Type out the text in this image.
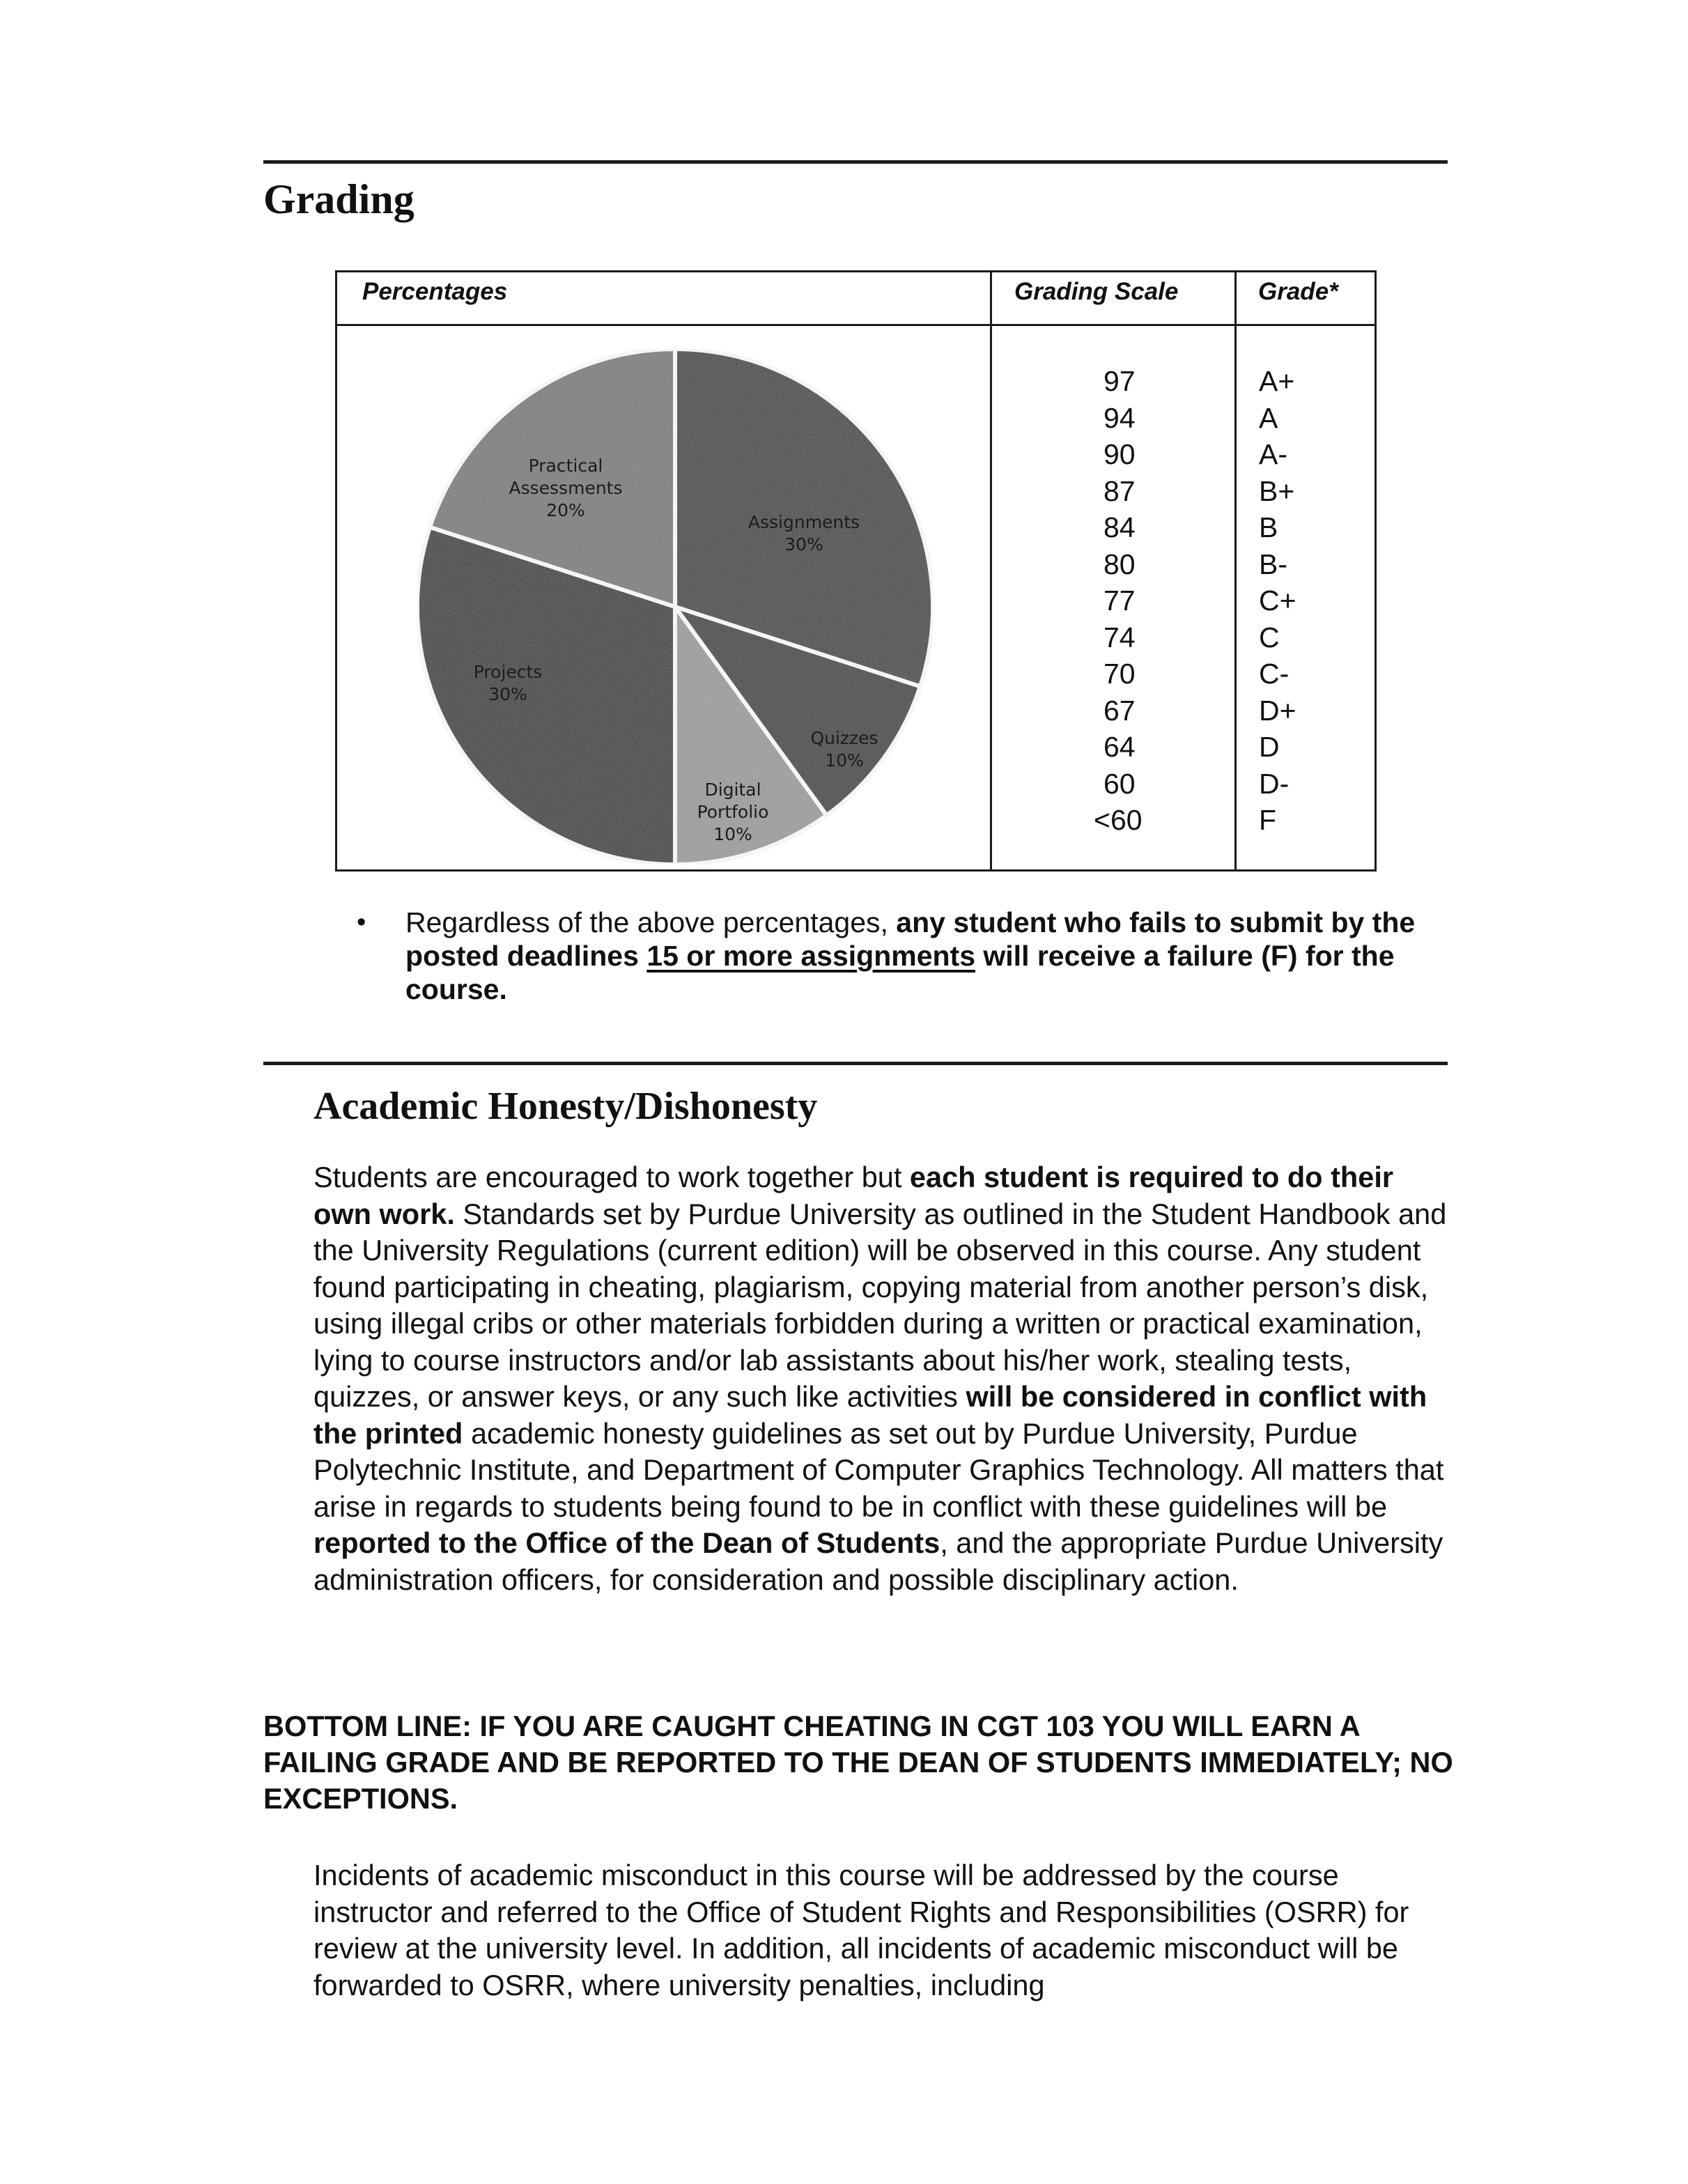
Grading
Percentages	Grading Scale	Grade*
Practical
Assessments
20%
Assignments
30%
Projects
30%
Quizzes
10%
Digital
Portfolio
10%
97
94
90
87
84
80
77
74
70
67
64
60
<60
A+
A
A-
B+
B
B-
C+
C
C-
D+
D
D-
F
• Regardless of the above percentages, any student who fails to submit by the posted deadlines 15 or more assignments will receive a failure (F) for the course.
Academic Honesty/Dishonesty
Students are encouraged to work together but each student is required to do their own work. Standards set by Purdue University as outlined in the Student Handbook and the University Regulations (current edition) will be observed in this course. Any student found participating in cheating, plagiarism, copying material from another person’s disk, using illegal cribs or other materials forbidden during a written or practical examination, lying to course instructors and/or lab assistants about his/her work, stealing tests, quizzes, or answer keys, or any such like activities will be considered in conflict with the printed academic honesty guidelines as set out by Purdue University, Purdue Polytechnic Institute, and Department of Computer Graphics Technology. All matters that arise in regards to students being found to be in conflict with these guidelines will be reported to the Office of the Dean of Students, and the appropriate Purdue University administration officers, for consideration and possible disciplinary action.
BOTTOM LINE: IF YOU ARE CAUGHT CHEATING IN CGT 103 YOU WILL EARN A FAILING GRADE AND BE REPORTED TO THE DEAN OF STUDENTS IMMEDIATELY; NO EXCEPTIONS.
Incidents of academic misconduct in this course will be addressed by the course instructor and referred to the Office of Student Rights and Responsibilities (OSRR) for review at the university level. In addition, all incidents of academic misconduct will be forwarded to OSRR, where university penalties, including
